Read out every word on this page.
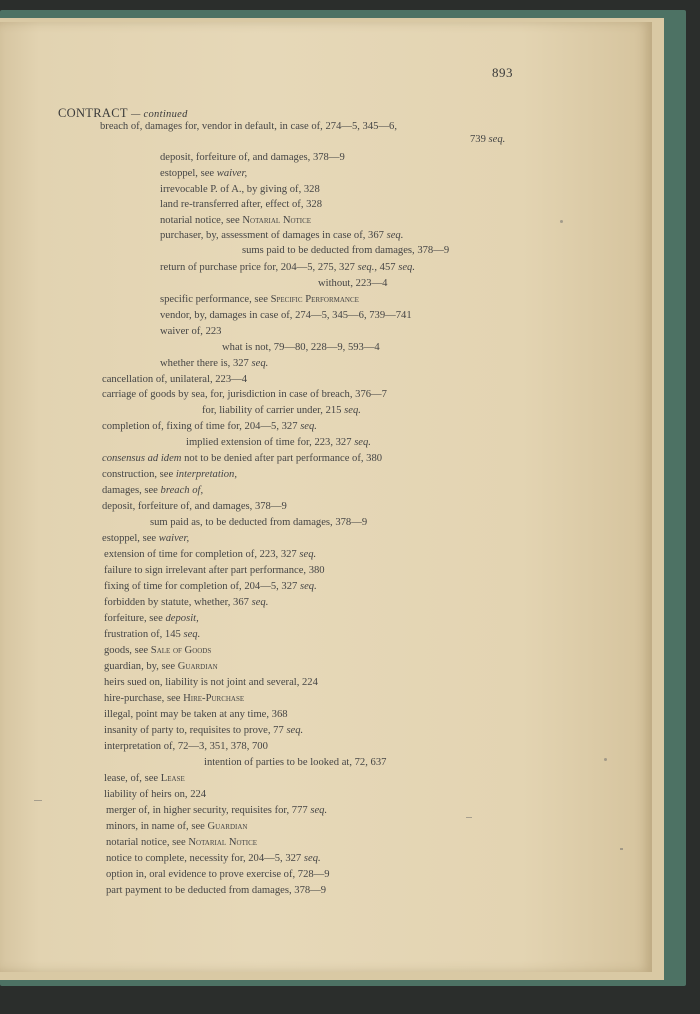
893
CONTRACT — continued
breach of, damages for, vendor in default, in case of, 274—5, 345—6,
739 seq.
deposit, forfeiture of, and damages, 378—9
estoppel, see waiver,
irrevocable P. of A., by giving of, 328
land re-transferred after, effect of, 328
notarial notice, see Notarial Notice
purchaser, by, assessment of damages in case of, 367 seq.
sums paid to be deducted from damages, 378—9
return of purchase price for, 204—5, 275, 327 seq., 457 seq.
without, 223—4
specific performance, see Specific Performance
vendor, by, damages in case of, 274—5, 345—6, 739—741
waiver of, 223
what is not, 79—80, 228—9, 593—4
whether there is, 327 seq.
cancellation of, unilateral, 223—4
carriage of goods by sea, for, jurisdiction in case of breach, 376—7
for, liability of carrier under, 215 seq.
completion of, fixing of time for, 204—5, 327 seq.
implied extension of time for, 223, 327 seq.
consensus ad idem not to be denied after part performance of, 380
construction, see interpretation,
damages, see breach of,
deposit, forfeiture of, and damages, 378—9
sum paid as, to be deducted from damages, 378—9
estoppel, see waiver,
extension of time for completion of, 223, 327 seq.
failure to sign irrelevant after part performance, 380
fixing of time for completion of, 204—5, 327 seq.
forbidden by statute, whether, 367 seq.
forfeiture, see deposit,
frustration of, 145 seq.
goods, see Sale of Goods
guardian, by, see Guardian
heirs sued on, liability is not joint and several, 224
hire-purchase, see Hire-Purchase
illegal, point may be taken at any time, 368
insanity of party to, requisites to prove, 77 seq.
interpretation of, 72—3, 351, 378, 700
intention of parties to be looked at, 72, 637
lease, of, see Lease
liability of heirs on, 224
merger of, in higher security, requisites for, 777 seq.
minors, in name of, see Guardian
notarial notice, see Notarial Notice
notice to complete, necessity for, 204—5, 327 seq.
option in, oral evidence to prove exercise of, 728—9
part payment to be deducted from damages, 378—9
